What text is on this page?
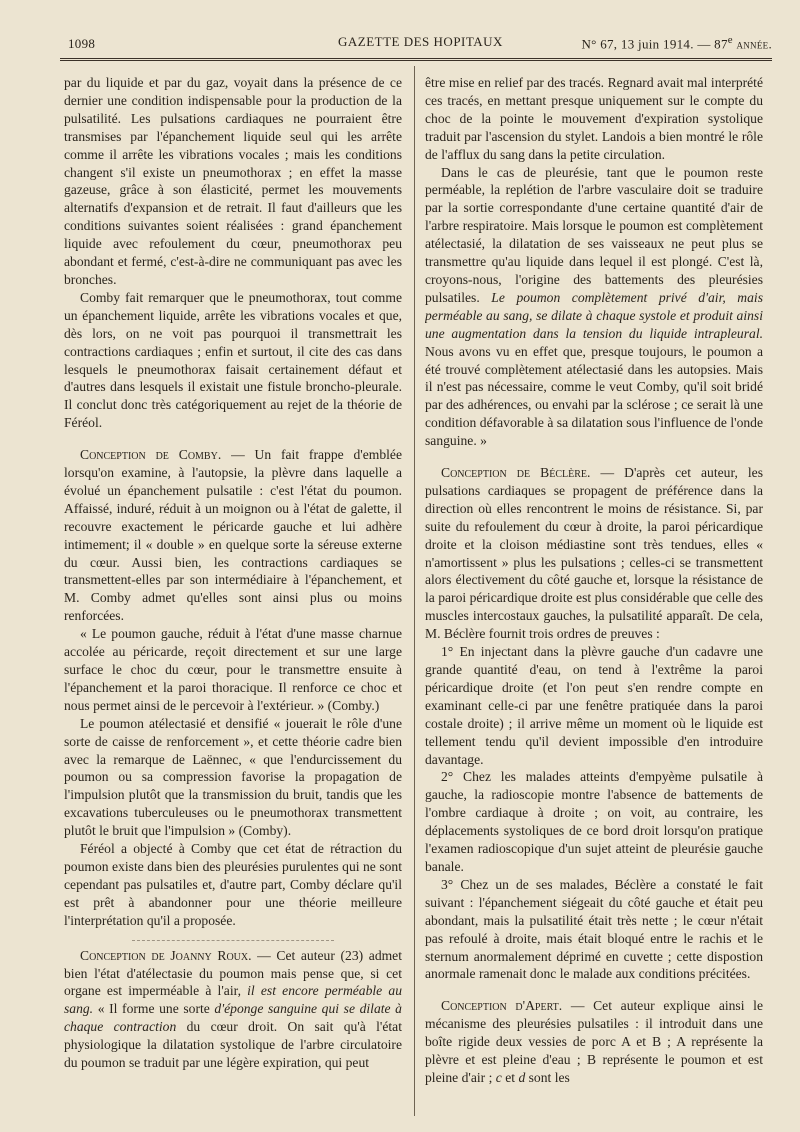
1098	GAZETTE DES HOPITAUX	N° 67, 13 juin 1914. — 87e année.

par du liquide et par du gaz, voyait dans la présence de ce dernier une condition indispensable pour la production de la pulsatilité. Les pulsations cardiaques ne pourraient être transmises par l'épanchement liquide seul qui les arrête comme il arrête les vibrations vocales ; mais les conditions changent s'il existe un pneumothorax ; en effet la masse gazeuse, grâce à son élasticité, permet les mouvements alternatifs d'expansion et de retrait. Il faut d'ailleurs que les conditions suivantes soient réalisées : grand épanchement liquide avec refoulement du cœur, pneumothorax peu abondant et fermé, c'est-à-dire ne communiquant pas avec les bronches.

Comby fait remarquer que le pneumothorax, tout comme un épanchement liquide, arrête les vibrations vocales et que, dès lors, on ne voit pas pourquoi il transmettrait les contractions cardiaques ; enfin et surtout, il cite des cas dans lesquels le pneumothorax faisait certainement défaut et d'autres dans lesquels il existait une fistule broncho-pleurale. Il conclut donc très catégoriquement au rejet de la théorie de Féréol.

Conception de Comby. — Un fait frappe d'emblée lorsqu'on examine, à l'autopsie, la plèvre dans laquelle a évolué un épanchement pulsatile : c'est l'état du poumon. Affaissé, induré, réduit à un moignon ou à l'état de galette, il recouvre exactement le péricarde gauche et lui adhère intimement; il « double » en quelque sorte la séreuse externe du cœur. Aussi bien, les contractions cardiaques se transmettent-elles par son intermédiaire à l'épanchement, et M. Comby admet qu'elles sont ainsi plus ou moins renforcées.

« Le poumon gauche, réduit à l'état d'une masse charnue accolée au péricarde, reçoit directement et sur une large surface le choc du cœur, pour le transmettre ensuite à l'épanchement et la paroi thoracique. Il renforce ce choc et nous permet ainsi de le percevoir à l'extérieur. » (Comby.)

Le poumon atélectasié et densifié « jouerait le rôle d'une sorte de caisse de renforcement », et cette théorie cadre bien avec la remarque de Laënnec, « que l'endurcissement du poumon ou sa compression favorise la propagation de l'impulsion plutôt que la transmission du bruit, tandis que les excavations tuberculeuses ou le pneumothorax transmettent plutôt le bruit que l'impulsion » (Comby).

Féréol a objecté à Comby que cet état de rétraction du poumon existe dans bien des pleurésies purulentes qui ne sont cependant pas pulsatiles et, d'autre part, Comby déclare qu'il est prêt à abandonner pour une théorie meilleure l'interprétation qu'il a proposée.

Conception de Joanny Roux. — Cet auteur (23) admet bien l'état d'atélectasie du poumon mais pense que, si cet organe est imperméable à l'air, il est encore perméable au sang. « Il forme une sorte d'éponge sanguine qui se dilate à chaque contraction du cœur droit. On sait qu'à l'état physiologique la dilatation systolique de l'arbre circulatoire du poumon se traduit par une légère expiration, qui peut

être mise en relief par des tracés. Regnard avait mal interprété ces tracés, en mettant presque uniquement sur le compte du choc de la pointe le mouvement d'expiration systolique traduit par l'ascension du stylet. Landois a bien montré le rôle de l'afflux du sang dans la petite circulation.

Dans le cas de pleurésie, tant que le poumon reste perméable, la replétion de l'arbre vasculaire doit se traduire par la sortie correspondante d'une certaine quantité d'air de l'arbre respiratoire. Mais lorsque le poumon est complètement atélectasié, la dilatation de ses vaisseaux ne peut plus se transmettre qu'au liquide dans lequel il est plongé. C'est là, croyons-nous, l'origine des battements des pleurésies pulsatiles. Le poumon complètement privé d'air, mais perméable au sang, se dilate à chaque systole et produit ainsi une augmentation dans la tension du liquide intrapleural. Nous avons vu en effet que, presque toujours, le poumon a été trouvé complètement atélectasié dans les autopsies. Mais il n'est pas nécessaire, comme le veut Comby, qu'il soit bridé par des adhérences, ou envahi par la sclérose ; ce serait là une condition défavorable à sa dilatation sous l'influence de l'onde sanguine. »

Conception de Béclère. — D'après cet auteur, les pulsations cardiaques se propagent de préférence dans la direction où elles rencontrent le moins de résistance. Si, par suite du refoulement du cœur à droite, la paroi péricardique droite et la cloison médiastine sont très tendues, elles « n'amortissent » plus les pulsations ; celles-ci se transmettent alors électivement du côté gauche et, lorsque la résistance de la paroi péricardique droite est plus considérable que celle des muscles intercostaux gauches, la pulsatilité apparaît. De cela, M. Béclère fournit trois ordres de preuves :

1° En injectant dans la plèvre gauche d'un cadavre une grande quantité d'eau, on tend à l'extrême la paroi péricardique droite (et l'on peut s'en rendre compte en examinant celle-ci par une fenêtre pratiquée dans la paroi costale droite) ; il arrive même un moment où le liquide est tellement tendu qu'il devient impossible d'en introduire davantage.

2° Chez les malades atteints d'empyème pulsatile à gauche, la radioscopie montre l'absence de battements de l'ombre cardiaque à droite ; on voit, au contraire, les déplacements systoliques de ce bord droit lorsqu'on pratique l'examen radioscopique d'un sujet atteint de pleurésie gauche banale.

3° Chez un de ses malades, Béclère a constaté le fait suivant : l'épanchement siégeait du côté gauche et était peu abondant, mais la pulsatilité était très nette ; le cœur n'était pas refoulé à droite, mais était bloqué entre le rachis et le sternum anormalement déprimé en cuvette ; cette dispostion anormale ramenait donc le malade aux conditions précitées.

Conception d'Apert. — Cet auteur explique ainsi le mécanisme des pleurésies pulsatiles : il introduit dans une boîte rigide deux vessies de porc A et B ; A représente la plèvre et est pleine d'eau ; B représente le poumon et est pleine d'air ; c et d sont les
